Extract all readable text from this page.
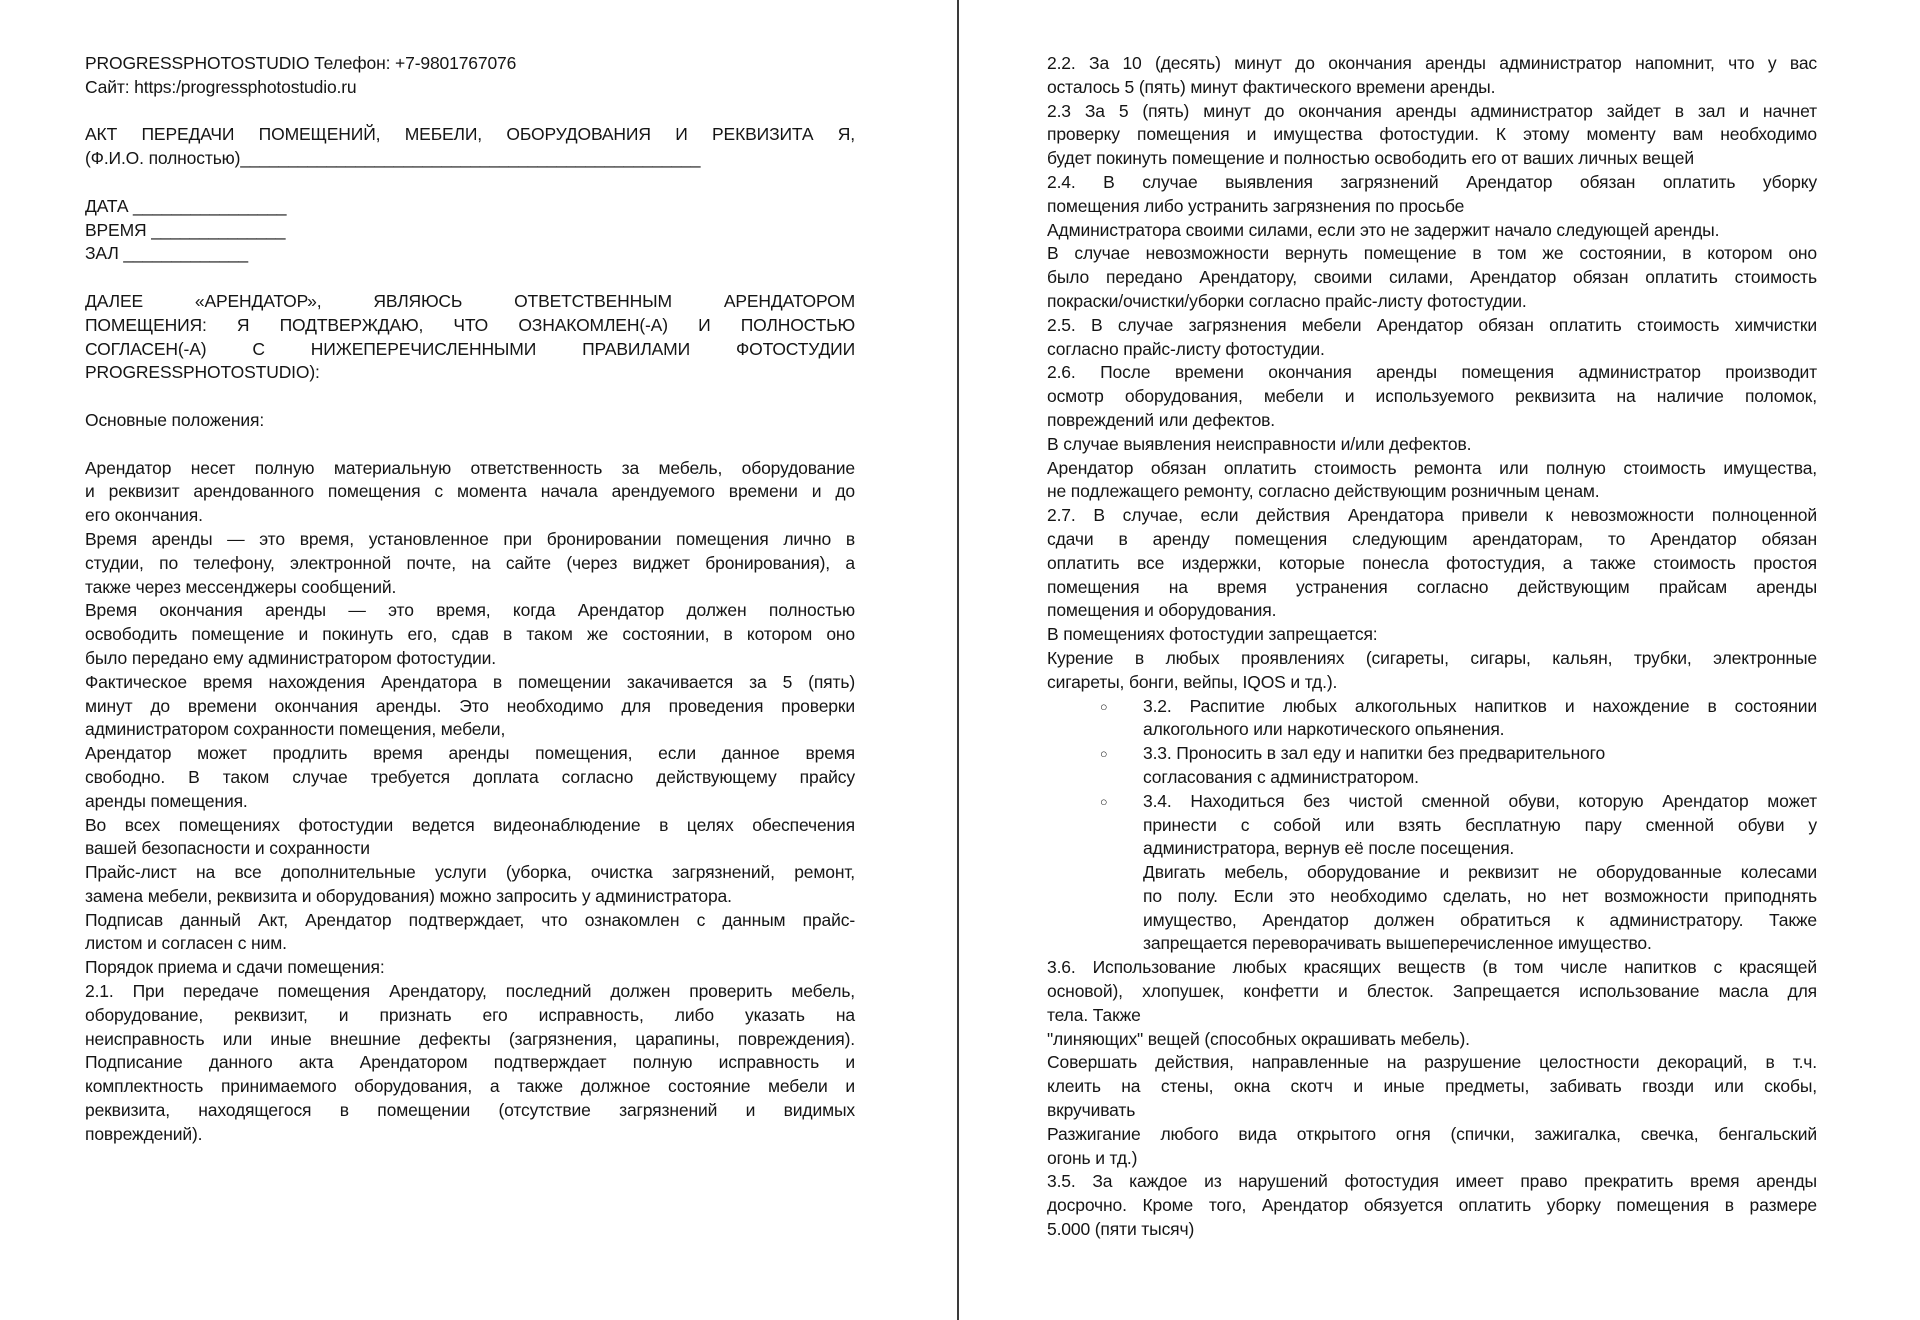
PROGRESSPHOTOSTUDIO Телефон: +7-9801767076
Сайт: https:/progressphotostudio.ru
АКТ ПЕРЕДАЧИ ПОМЕЩЕНИЙ, МЕБЕЛИ, ОБОРУДОВАНИЯ И РЕКВИЗИТА Я,
(Ф.И.О. полностью)________________________________________________
ДАТА ________________
ВРЕМЯ ______________
ЗАЛ _____________
ДАЛЕЕ «АРЕНДАТОР», ЯВЛЯЮСЬ ОТВЕТСТВЕННЫМ АРЕНДАТОРОМ
ПОМЕЩЕНИЯ: Я ПОДТВЕРЖДАЮ, ЧТО ОЗНАКОМЛЕН(-А) И ПОЛНОСТЬЮ
СОГЛАСЕН(-А) С НИЖЕПЕРЕЧИСЛЕННЫМИ ПРАВИЛАМИ ФОТОСТУДИИ
PROGRESSPHOTOSTUDIO):
Основные положения:
Арендатор несет полную материальную ответственность за мебель, оборудование
и реквизит арендованного помещения с момента начала арендуемого времени и до
его окончания.
Время аренды — это время, установленное при бронировании помещения лично в
студии, по телефону, электронной почте, на сайте (через виджет бронирования), а
также через мессенджеры сообщений.
Время окончания аренды — это время, когда Арендатор должен полностью
освободить помещение и покинуть его, сдав в таком же состоянии, в котором оно
было передано ему администратором фотостудии.
Фактическое время нахождения Арендатора в помещении закачивается за 5 (пять)
минут до времени окончания аренды. Это необходимо для проведения проверки
администратором сохранности помещения, мебели,
Арендатор может продлить время аренды помещения, если данное время
свободно. В таком случае требуется доплата согласно действующему прайсу
аренды помещения.
Во всех помещениях фотостудии ведется видеонаблюдение в целях обеспечения
вашей безопасности и сохранности
Прайс-лист на все дополнительные услуги (уборка, очистка загрязнений, ремонт,
замена мебели, реквизита и оборудования) можно запросить у администратора.
Подписав данный Акт, Арендатор подтверждает, что ознакомлен с данным прайс-
листом и согласен с ним.
Порядок приема и сдачи помещения:
2.1. При передаче помещения Арендатору, последний должен проверить мебель,
оборудование, реквизит, и признать его исправность, либо указать на
неисправность или иные внешние дефекты (загрязнения, царапины, повреждения).
Подписание данного акта Арендатором подтверждает полную исправность и
комплектность принимаемого оборудования, а также должное состояние мебели и
реквизита, находящегося в помещении (отсутствие загрязнений и видимых
повреждений).
2.2. За 10 (десять) минут до окончания аренды администратор напомнит, что у вас
осталось 5 (пять) минут фактического времени аренды.
2.3 За 5 (пять) минут до окончания аренды администратор зайдет в зал и начнет
проверку помещения и имущества фотостудии. К этому моменту вам необходимо
будет покинуть помещение и полностью освободить его от ваших личных вещей
2.4. В случае выявления загрязнений Арендатор обязан оплатить уборку
помещения либо устранить загрязнения по просьбе
Администратора своими силами, если это не задержит начало следующей аренды.
В случае невозможности вернуть помещение в том же состоянии, в котором оно
было передано Арендатору, своими силами, Арендатор обязан оплатить стоимость
покраски/очистки/уборки согласно прайс-листу фотостудии.
2.5. В случае загрязнения мебели Арендатор обязан оплатить стоимость химчистки
согласно прайс-листу фотостудии.
2.6. После времени окончания аренды помещения администратор производит
осмотр оборудования, мебели и используемого реквизита на наличие поломок,
повреждений или дефектов.
В случае выявления неисправности и/или дефектов.
Арендатор обязан оплатить стоимость ремонта или полную стоимость имущества,
не подлежащего ремонту, согласно действующим розничным ценам.
2.7. В случае, если действия Арендатора привели к невозможности полноценной
сдачи в аренду помещения следующим арендаторам, то Арендатор обязан
оплатить все издержки, которые понесла фотостудия, а также стоимость простоя
помещения на время устранения согласно действующим прайсам аренды
помещения и оборудования.
В помещениях фотостудии запрещается:
Курение в любых проявлениях (сигареты, сигары, кальян, трубки, электронные
сигареты, бонги, вейпы, IQOS и тд.).
○ 3.2. Распитие любых алкогольных напитков и нахождение в состоянии
алкогольного или наркотического опьянения.
○ 3.3. Проносить в зал еду и напитки без предварительного
согласования с администратором.
○ 3.4. Находиться без чистой сменной обуви, которую Арендатор может
принести с собой или взять бесплатную пару сменной обуви у
администратора, вернув её после посещения.
Двигать мебель, оборудование и реквизит не оборудованные колесами
по полу. Если это необходимо сделать, но нет возможности приподнять
имущество, Арендатор должен обратиться к администратору. Также
запрещается переворачивать вышеперечисленное имущество.
3.6. Использование любых красящих веществ (в том числе напитков с красящей
основой), хлопушек, конфетти и блесток. Запрещается использование масла для
тела. Также
"линяющих" вещей (способных окрашивать мебель).
Совершать действия, направленные на разрушение целостности декораций, в т.ч.
клеить на стены, окна скотч и иные предметы, забивать гвозди или скобы,
вкручивать
Разжигание любого вида открытого огня (спички, зажигалка, свечка, бенгальский
огонь и тд.)
3.5. За каждое из нарушений фотостудия имеет право прекратить время аренды
досрочно. Кроме того, Арендатор обязуется оплатить уборку помещения в размере
5.000 (пяти тысяч)
